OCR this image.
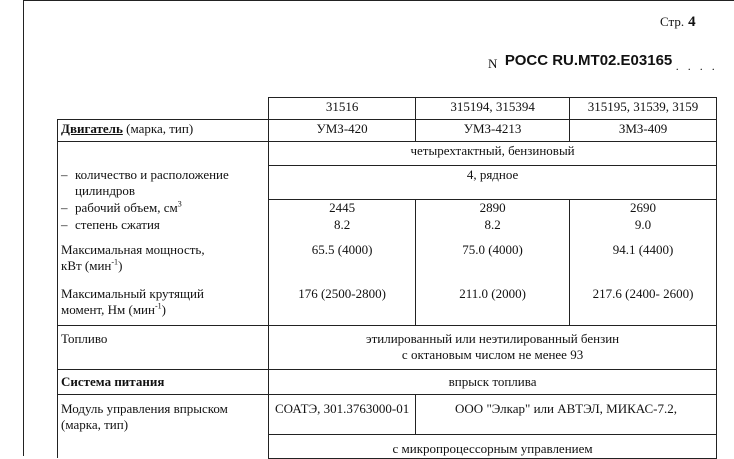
Стр. 4
N РОСС RU.МТ02.Е03165 . . . .
	31516	315194, 315394	315195, 31539, 3159
Двигатель (марка, тип)	УМЗ-420	УМЗ-4213	ЗМЗ-409
	четырехтактный, бензиновый		
– количество и расположение
цилиндров	4, рядное		
– рабочий объем, $см^3$	2445	2890	2690
– степень сжатия	8.2	8.2	9.0
Максимальная мощность,
кВт (мин$^{-1}$)	65.5 (4000)	75.0 (4000)	94.1 (4400)
Максимальный крутящий
момент, Нм (мин$^{-1}$)	176 (2500-2800)	211.0 (2000)	217.6 (2400- 2600)
Топливо	этилированный или неэтилированный бензин
с октановым числом не менее 93		
Система питания	впрыск топлива		
Модуль управления впрыском
(марка, тип)	СОАТЭ, 301.3763000-01	ООО "Элкар" или АВТЭЛ, МИКАС-7.2,	
	с микропроцессорным управлением		
